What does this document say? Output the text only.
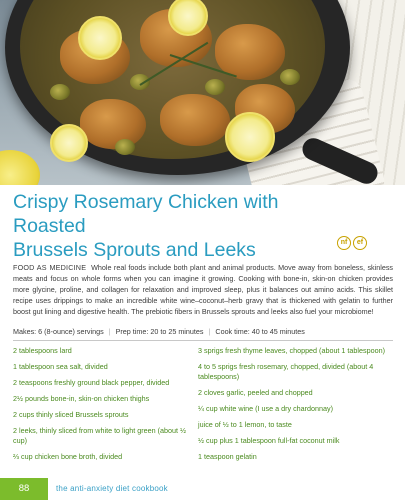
Crispy Rosemary Chicken with Roasted
Brussels Sprouts and Leeks	nf	ef
FOOD AS MEDICINE Whole real foods include both plant and animal products. Move away from boneless, skinless meats and focus on whole forms when you can imagine it growing. Cooking with bone-in, skin-on chicken provides more glycine, proline, and collagen for relaxation and improved sleep, plus it balances out amino acids. This skillet recipe uses drippings to make an incredible white wine–coconut–herb gravy that is thickened with gelatin to further boost gut lining and digestive health. The prebiotic fibers in Brussels sprouts and leeks also fuel your microbiome!
Makes: 6 (8-ounce) servings | Prep time: 20 to 25 minutes | Cook time: 40 to 45 minutes
2 tablespoons lard
1 tablespoon sea salt, divided
2 teaspoons freshly ground black pepper, divided
2½ pounds bone-in, skin-on chicken thighs
2 cups thinly sliced Brussels sprouts
2 leeks, thinly sliced from white to light green (about ½ cup)
⅔ cup chicken bone broth, divided
3 sprigs fresh thyme leaves, chopped (about 1 tablespoon)
4 to 5 sprigs fresh rosemary, chopped, divided (about 4 tablespoons)
2 cloves garlic, peeled and chopped
¼ cup white wine (I use a dry chardonnay)
juice of ½ to 1 lemon, to taste
½ cup plus 1 tablespoon full-fat coconut milk
1 teaspoon gelatin
88	the anti-anxiety diet cookbook
